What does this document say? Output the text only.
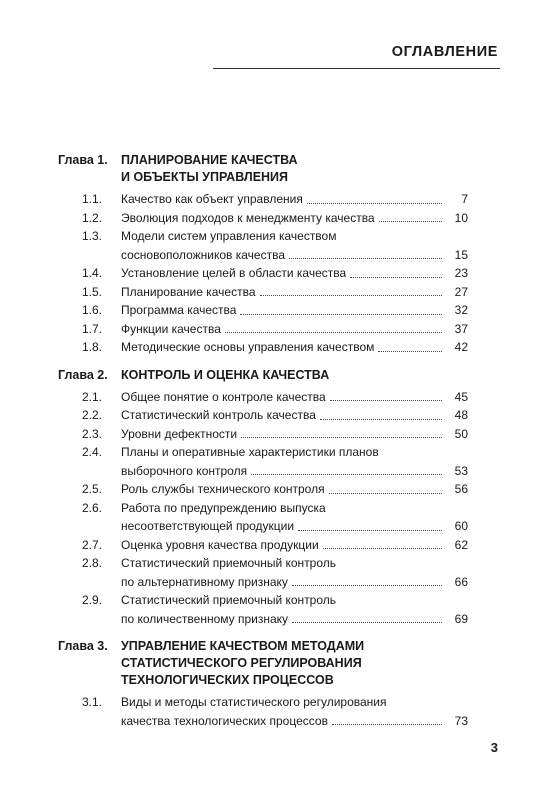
ОГЛАВЛЕНИЕ
Глава 1.	ПЛАНИРОВАНИЕ КАЧЕСТВА
И ОБЪЕКТЫ УПРАВЛЕНИЯ
1.1.	Качество как объект управления	7
1.2.	Эволюция подходов к менеджменту качества	10
1.3.	Модели систем управления качеством
сосновоположников качества	15
1.4.	Установление целей в области качества	23
1.5.	Планирование качества	27
1.6.	Программа качества	32
1.7.	Функции качества	37
1.8.	Методические основы управления качеством	42
Глава 2.	КОНТРОЛЬ И ОЦЕНКА КАЧЕСТВА
2.1.	Общее понятие о контроле качества	45
2.2.	Статистический контроль качества	48
2.3.	Уровни дефектности	50
2.4.	Планы и оперативные характеристики планов
выборочного контроля	53
2.5.	Роль службы технического контроля	56
2.6.	Работа по предупреждению выпуска
несоответствующей продукции	60
2.7.	Оценка уровня качества продукции	62
2.8.	Статистический приемочный контроль
по альтернативному признаку	66
2.9.	Статистический приемочный контроль
по количественному признаку	69
Глава 3.	УПРАВЛЕНИЕ КАЧЕСТВОМ МЕТОДАМИ
СТАТИСТИЧЕСКОГО РЕГУЛИРОВАНИЯ
ТЕХНОЛОГИЧЕСКИХ ПРОЦЕССОВ
3.1.	Виды и методы статистического регулирования
качества технологических процессов	73
3
